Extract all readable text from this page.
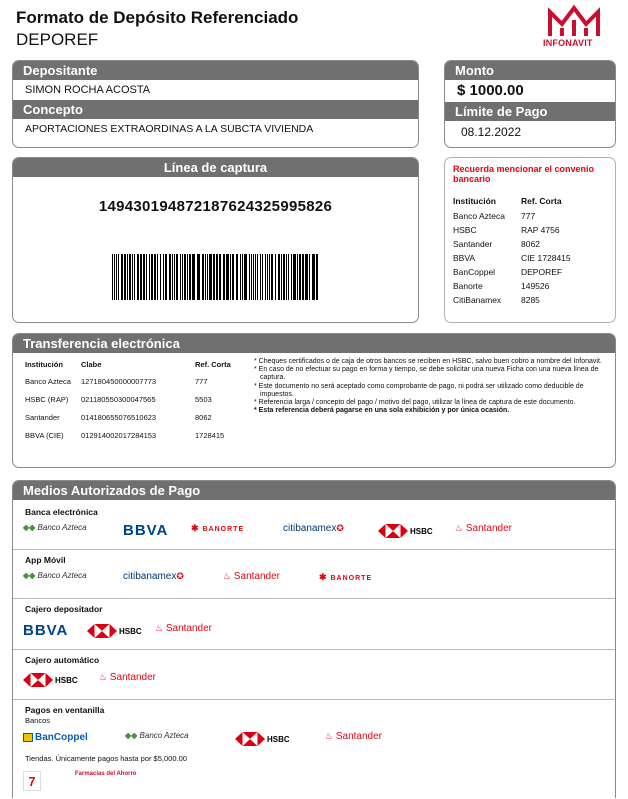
Formato de Depósito Referenciado
DEPOREF	INFONAVIT
Depositante
SIMON ROCHA ACOSTA
Concepto
APORTACIONES EXTRAORDINAS A LA SUBCTA VIVIENDA
Monto
$ 1000.00
Límite de Pago
08.12.2022
Línea de captura
149430194872187624325995826
Recuerda mencionar el convenio bancario
Institución	Ref. Corta
Banco Azteca	777
HSBC	RAP 4756
Santander	8062
BBVA	CIE 1728415
BanCoppel	DEPOREF
Banorte	149526
CitiBanamex	8285
Transferencia electrónica
Institución	Clabe	Ref. Corta
Banco Azteca	127180450000007773	777
HSBC (RAP)	021180550300047565	5503
Santander	014180655076510623	8062
BBVA (CIE)	012914002017284153	1728415
* Cheques certificados o de caja de otros bancos se reciben en HSBC, salvo buen cobro a nombre del Infonavit.
* En caso de no efectuar su pago en forma y tiempo, se debe solicitar una nueva Ficha con una nueva línea de captura.
* Este documento no será aceptado como comprobante de pago, ni podrá ser utilizado como deducible de impuestos.
* Referencia larga / concepto del pago / motivo del pago, utilizar la línea de captura de este documento.
* Esta referencia deberá pagarse en una sola exhibición y por única ocasión.
Medios Autorizados de Pago
Banca electrónica
◆◆ Banco Azteca BBVA	✱ BANORTE	citibanamex✪	HSBC ♨ Santander
App Móvil
◆◆ Banco Azteca	citibanamex✪	♨ Santander	✱ BANORTE
Cajero depositador
BBVA	HSBC ♨ Santander
Cajero automático
HSBC ♨ Santander
Pagos en ventanilla
Bancos
BanCoppel	◆◆ Banco Azteca	HSBC	♨ Santander
Tiendas. Únicamente pagos hasta por $5,000.00
7	Farmacias del Ahorro
